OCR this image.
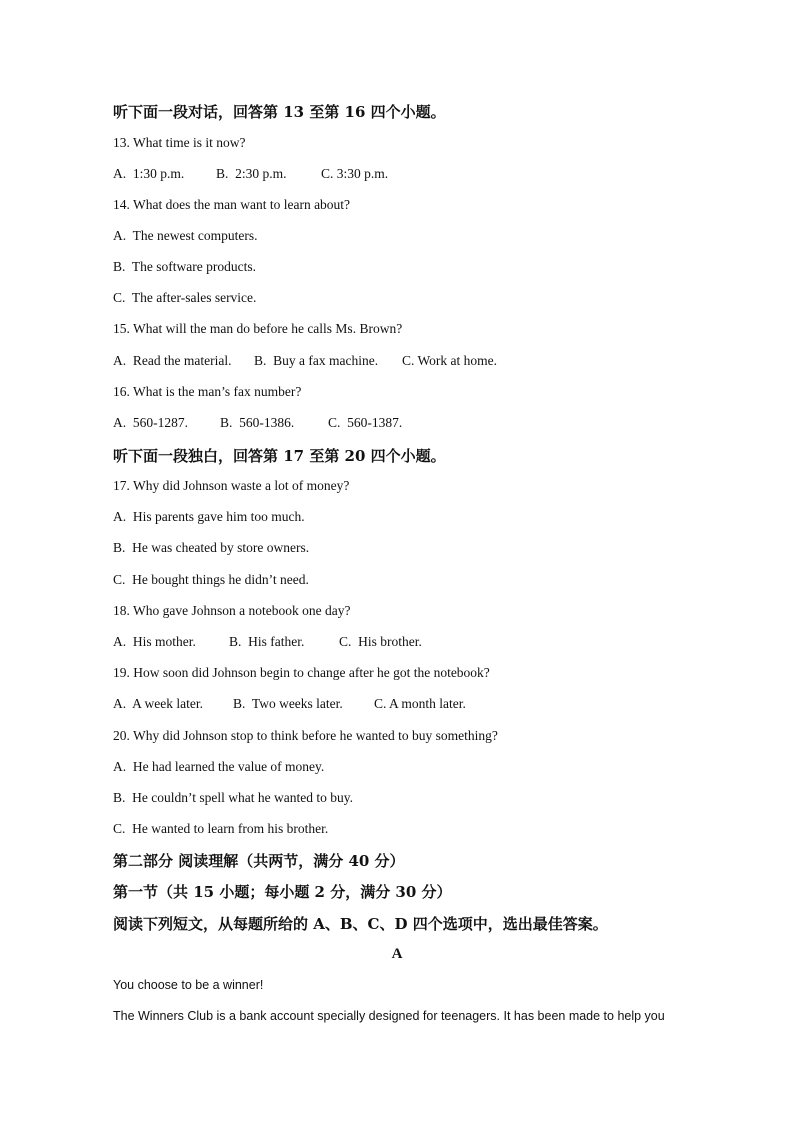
听下面一段对话，回答第 13 至第 16 四个小题。
13. What time is it now?
A.  1:30 p.m. B.  2:30 p.m.	C. 3:30 p.m.
14. What does the man want to learn about?
A.  The newest computers.
B.  The software products.
C.  The after-sales service.
15. What will the man do before he calls Ms. Brown?
A.  Read the material. B.  Buy a fax machine. C. Work at home.
16. What is the man’s fax number?
A.  560-1287. B.  560-1386.	C.  560-1387.
听下面一段独白，回答第 17 至第 20 四个小题。
17. Why did Johnson waste a lot of money?
A.  His parents gave him too much.
B.  He was cheated by store owners.
C.  He bought things he didn’t need.
18. Who gave Johnson a notebook one day?
A.  His mother. B.  His father.	C.  His brother.
19. How soon did Johnson begin to change after he got the notebook?
A.  A week later. B.  Two weeks later. C. A month later.
20. Why did Johnson stop to think before he wanted to buy something?
A.  He had learned the value of money.
B.  He couldn’t spell what he wanted to buy.
C.  He wanted to learn from his brother.
第二部分 阅读理解（共两节，满分 40 分）
第一节（共 15 小题；每小题 2 分，满分 30 分）
阅读下列短文，从每题所给的 A、B、C、D 四个选项中，选出最佳答案。
A
You choose to be a winner!
The Winners Club is a bank account specially designed for teenagers. It has been made to help you
